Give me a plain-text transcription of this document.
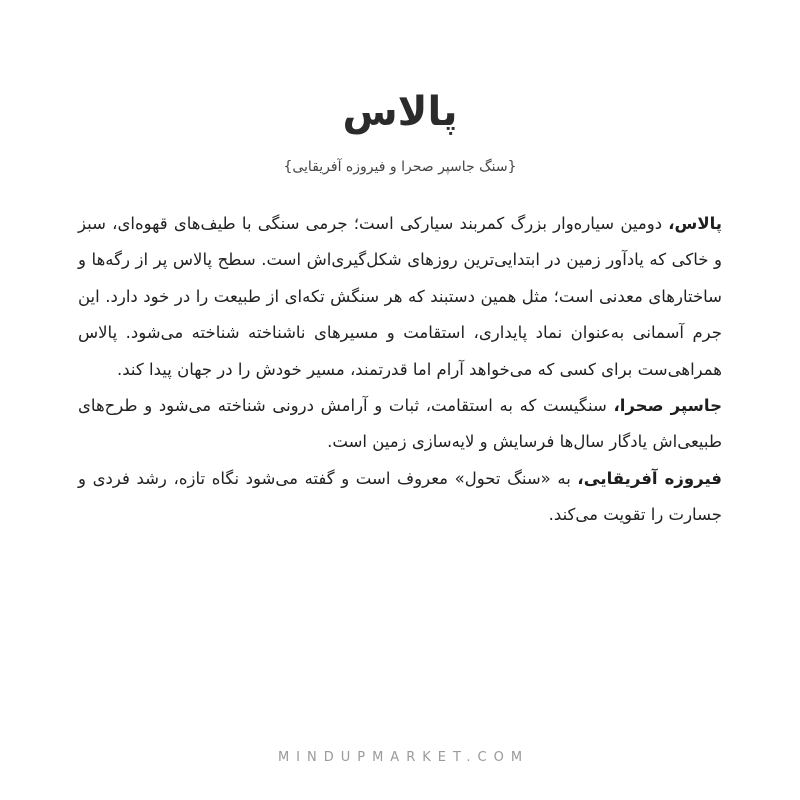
پالاس
{سنگ جاسپر صحرا و فیروزه آفریقایی}

پالاس، دومین سیاره‌وار بزرگ کمربند سیارکی است؛ جرمی سنگی با طیف‌های قهوه‌ای، سبز و خاکی که یادآور زمین در ابتدایی‌ترین روزهای شکل‌گیری‌اش است. سطح پالاس پر از رگه‌ها و ساختارهای معدنی است؛ مثل همین دستبند که هر سنگش تکه‌ای از طبیعت را در خود دارد. این جرم آسمانی به‌عنوان نماد پایداری، استقامت و مسیرهای ناشناخته شناخته می‌شود. پالاس همراهی‌ست برای کسی که می‌خواهد آرام اما قدرتمند، مسیر خودش را در جهان پیدا کند.

جاسپر صحرا، سنگیست که به استقامت، ثبات و آرامش درونی شناخته می‌شود و طرح‌های طبیعی‌اش یادگار سال‌ها فرسایش و لایه‌سازی زمین است.

فیروزه آفریقایی، به «سنگ تحول» معروف است و گفته می‌شود نگاه تازه، رشد فردی و جسارت را تقویت می‌کند.

MINDUPMARKET.COM
